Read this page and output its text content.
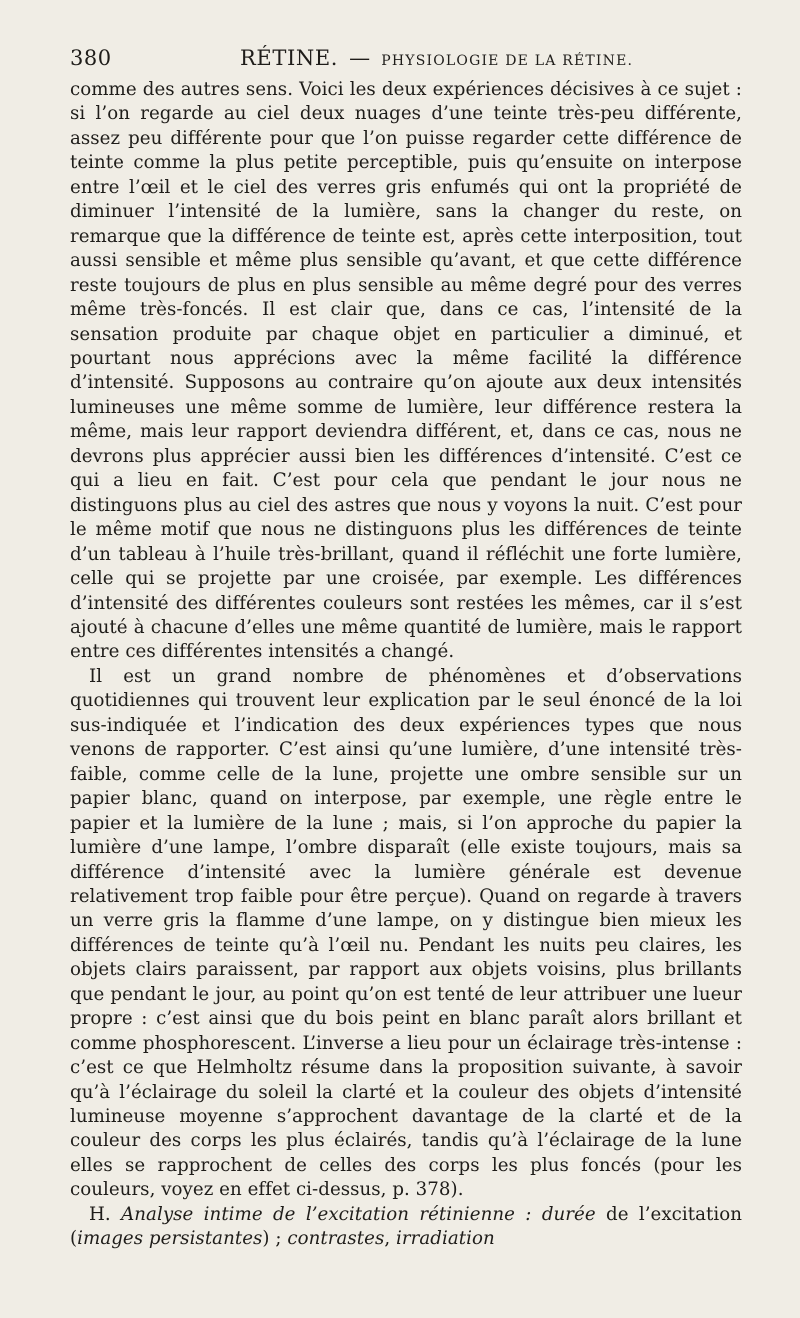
380	RÉTINE. — PHYSIOLOGIE DE LA RÉTINE.

comme des autres sens. Voici les deux expériences décisives à ce sujet : si l’on regarde au ciel deux nuages d’une teinte très-peu différente, assez peu différente pour que l’on puisse regarder cette différence de teinte comme la plus petite perceptible, puis qu’ensuite on interpose entre l’œil et le ciel des verres gris enfumés qui ont la propriété de diminuer l’intensité de la lumière, sans la changer du reste, on remarque que la différence de teinte est, après cette interposition, tout aussi sensible et même plus sensible qu’avant, et que cette différence reste toujours de plus en plus sensible au même degré pour des verres même très-foncés. Il est clair que, dans ce cas, l’intensité de la sensation produite par chaque objet en particulier a diminué, et pourtant nous apprécions avec la même facilité la différence d’intensité. Supposons au contraire qu’on ajoute aux deux intensités lumineuses une même somme de lumière, leur différence restera la même, mais leur rapport deviendra différent, et, dans ce cas, nous ne devrons plus apprécier aussi bien les différences d’intensité. C’est ce qui a lieu en fait. C’est pour cela que pendant le jour nous ne distinguons plus au ciel des astres que nous y voyons la nuit. C’est pour le même motif que nous ne distinguons plus les différences de teinte d’un tableau à l’huile très-brillant, quand il réfléchit une forte lumière, celle qui se projette par une croisée, par exemple. Les différences d’intensité des différentes couleurs sont restées les mêmes, car il s’est ajouté à chacune d’elles une même quantité de lumière, mais le rapport entre ces différentes intensités a changé.

Il est un grand nombre de phénomènes et d’observations quotidiennes qui trouvent leur explication par le seul énoncé de la loi sus-indiquée et l’indication des deux expériences types que nous venons de rapporter. C’est ainsi qu’une lumière, d’une intensité très-faible, comme celle de la lune, projette une ombre sensible sur un papier blanc, quand on interpose, par exemple, une règle entre le papier et la lumière de la lune ; mais, si l’on approche du papier la lumière d’une lampe, l’ombre disparaît (elle existe toujours, mais sa différence d’intensité avec la lumière générale est devenue relativement trop faible pour être perçue). Quand on regarde à travers un verre gris la flamme d’une lampe, on y distingue bien mieux les différences de teinte qu’à l’œil nu. Pendant les nuits peu claires, les objets clairs paraissent, par rapport aux objets voisins, plus brillants que pendant le jour, au point qu’on est tenté de leur attribuer une lueur propre : c’est ainsi que du bois peint en blanc paraît alors brillant et comme phosphorescent. L’inverse a lieu pour un éclairage très-intense : c’est ce que Helmholtz résume dans la proposition suivante, à savoir qu’à l’éclairage du soleil la clarté et la couleur des objets d’intensité lumineuse moyenne s’approchent davantage de la clarté et de la couleur des corps les plus éclairés, tandis qu’à l’éclairage de la lune elles se rapprochent de celles des corps les plus foncés (pour les couleurs, voyez en effet ci-dessus, p. 378).

H. Analyse intime de l’excitation rétinienne : durée de l’excitation (images persistantes) ; contrastes, irradiation
